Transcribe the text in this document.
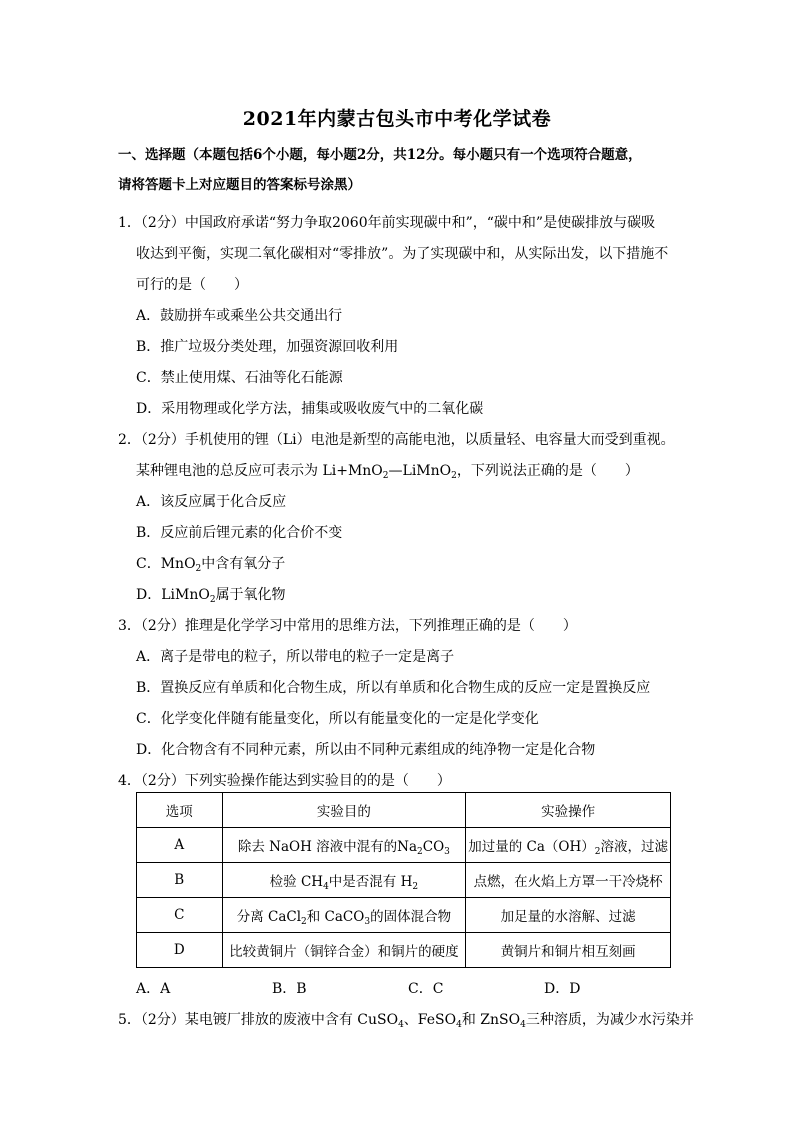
2021年内蒙古包头市中考化学试卷
一、选择题（本题包括6个小题，每小题2分，共12分。每小题只有一个选项符合题意，
请将答题卡上对应题目的答案标号涂黑）
1．（2分）中国政府承诺“努力争取2060年前实现碳中和”，“碳中和”是使碳排放与碳吸
收达到平衡，实现二氧化碳相对“零排放”。为了实现碳中和，从实际出发，以下措施不
可行的是（　　）
A．鼓励拼车或乘坐公共交通出行
B．推广垃圾分类处理，加强资源回收利用
C．禁止使用煤、石油等化石能源
D．采用物理或化学方法，捕集或吸收废气中的二氧化碳
2．（2分）手机使用的锂（Li）电池是新型的高能电池，以质量轻、电容量大而受到重视。
某种锂电池的总反应可表示为 Li+MnO$_2$—LiMnO$_2$，下列说法正确的是（　　）
A．该反应属于化合反应
B．反应前后锂元素的化合价不变
C．MnO$_2$中含有氧分子
D．LiMnO$_2$属于氧化物
3．（2分）推理是化学学习中常用的思维方法，下列推理正确的是（　　）
A．离子是带电的粒子，所以带电的粒子一定是离子
B．置换反应有单质和化合物生成，所以有单质和化合物生成的反应一定是置换反应
C．化学变化伴随有能量变化，所以有能量变化的一定是化学变化
D．化合物含有不同种元素，所以由不同种元素组成的纯净物一定是化合物
4．（2分）下列实验操作能达到实验目的的是（　　）
选项	实验目的	实验操作
A	除去 NaOH 溶液中混有的$Na_2CO_3$	加过量的 $Ca(OH)_2$溶液，过滤
B	检验 $CH_4$中是否混有 $H_2$	点燃，在火焰上方罩一干冷烧杯
C	分离 CaCl$_2$和 CaCO$_3$的固体混合物	加足量的水溶解、过滤
D	比较黄铜片（铜锌合金）和铜片的硬度	黄铜片和铜片相互刻画
A．A	B．B	C．C	D．D
5．（2分）某电镀厂排放的废液中含有 CuSO$_4$、FeSO$_4$和 ZnSO$_4$三种溶质，为减少水污染并
